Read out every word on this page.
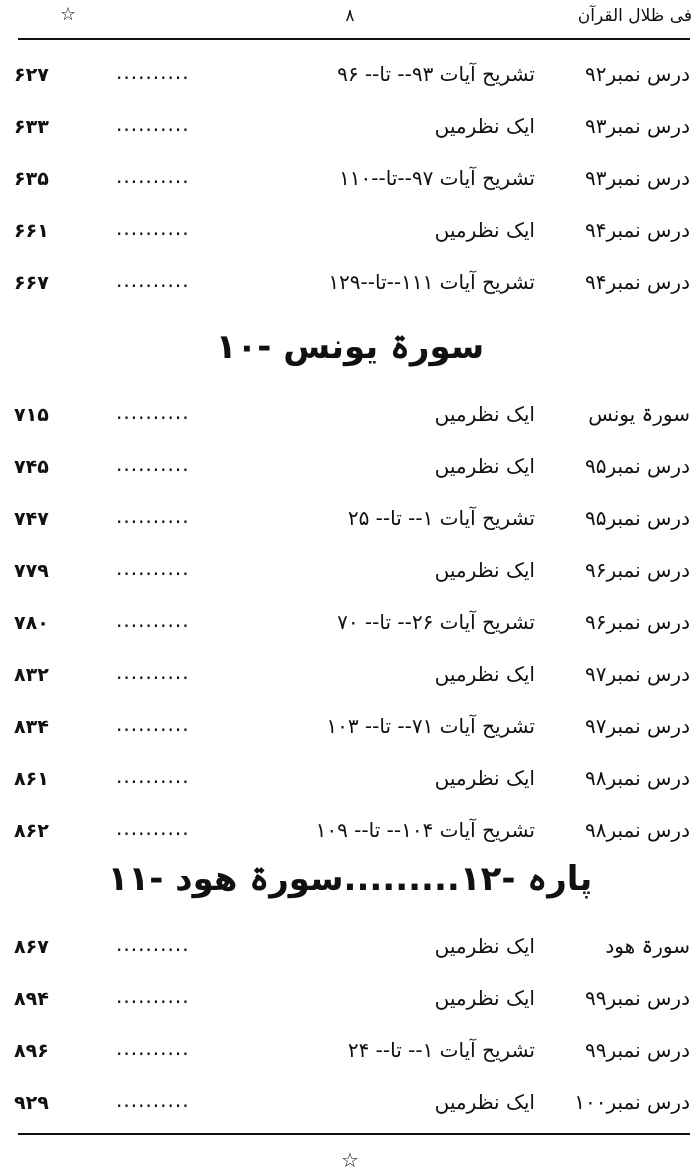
فی ظلال القرآن
۸
☆
درس نمبر۹۲
تشریح آیات ۹۳-- تا-- ۹۶
..........
۶۲۷
درس نمبر۹۳
ایک نظرمیں
..........
۶۳۳
درس نمبر۹۳
تشریح آیات ۹۷--تا--۱۱۰
..........
۶۳۵
درس نمبر۹۴
ایک نظرمیں
..........
۶۶۱
درس نمبر۹۴
تشریح آیات ۱۱۱--تا--۱۲۹
..........
۶۶۷
سورۃ یونس -۱۰
سورۃ یونس
ایک نظرمیں
..........
۷۱۵
درس نمبر۹۵
ایک نظرمیں
..........
۷۴۵
درس نمبر۹۵
تشریح آیات ۱-- تا-- ۲۵
..........
۷۴۷
درس نمبر۹۶
ایک نظرمیں
..........
۷۷۹
درس نمبر۹۶
تشریح آیات ۲۶-- تا-- ۷۰
..........
۷۸۰
درس نمبر۹۷
ایک نظرمیں
..........
۸۳۲
درس نمبر۹۷
تشریح آیات ۷۱-- تا-- ۱۰۳
..........
۸۳۴
درس نمبر۹۸
ایک نظرمیں
..........
۸۶۱
درس نمبر۹۸
تشریح آیات ۱۰۴-- تا-- ۱۰۹
..........
۸۶۲
پارہ -۱۲.........سورۃ ھود -۱۱
سورۃ ھود
ایک نظرمیں
..........
۸۶۷
درس نمبر۹۹
ایک نظرمیں
..........
۸۹۴
درس نمبر۹۹
تشریح آیات ۱-- تا-- ۲۴
..........
۸۹۶
درس نمبر۱۰۰
ایک نظرمیں
..........
۹۲۹
☆
